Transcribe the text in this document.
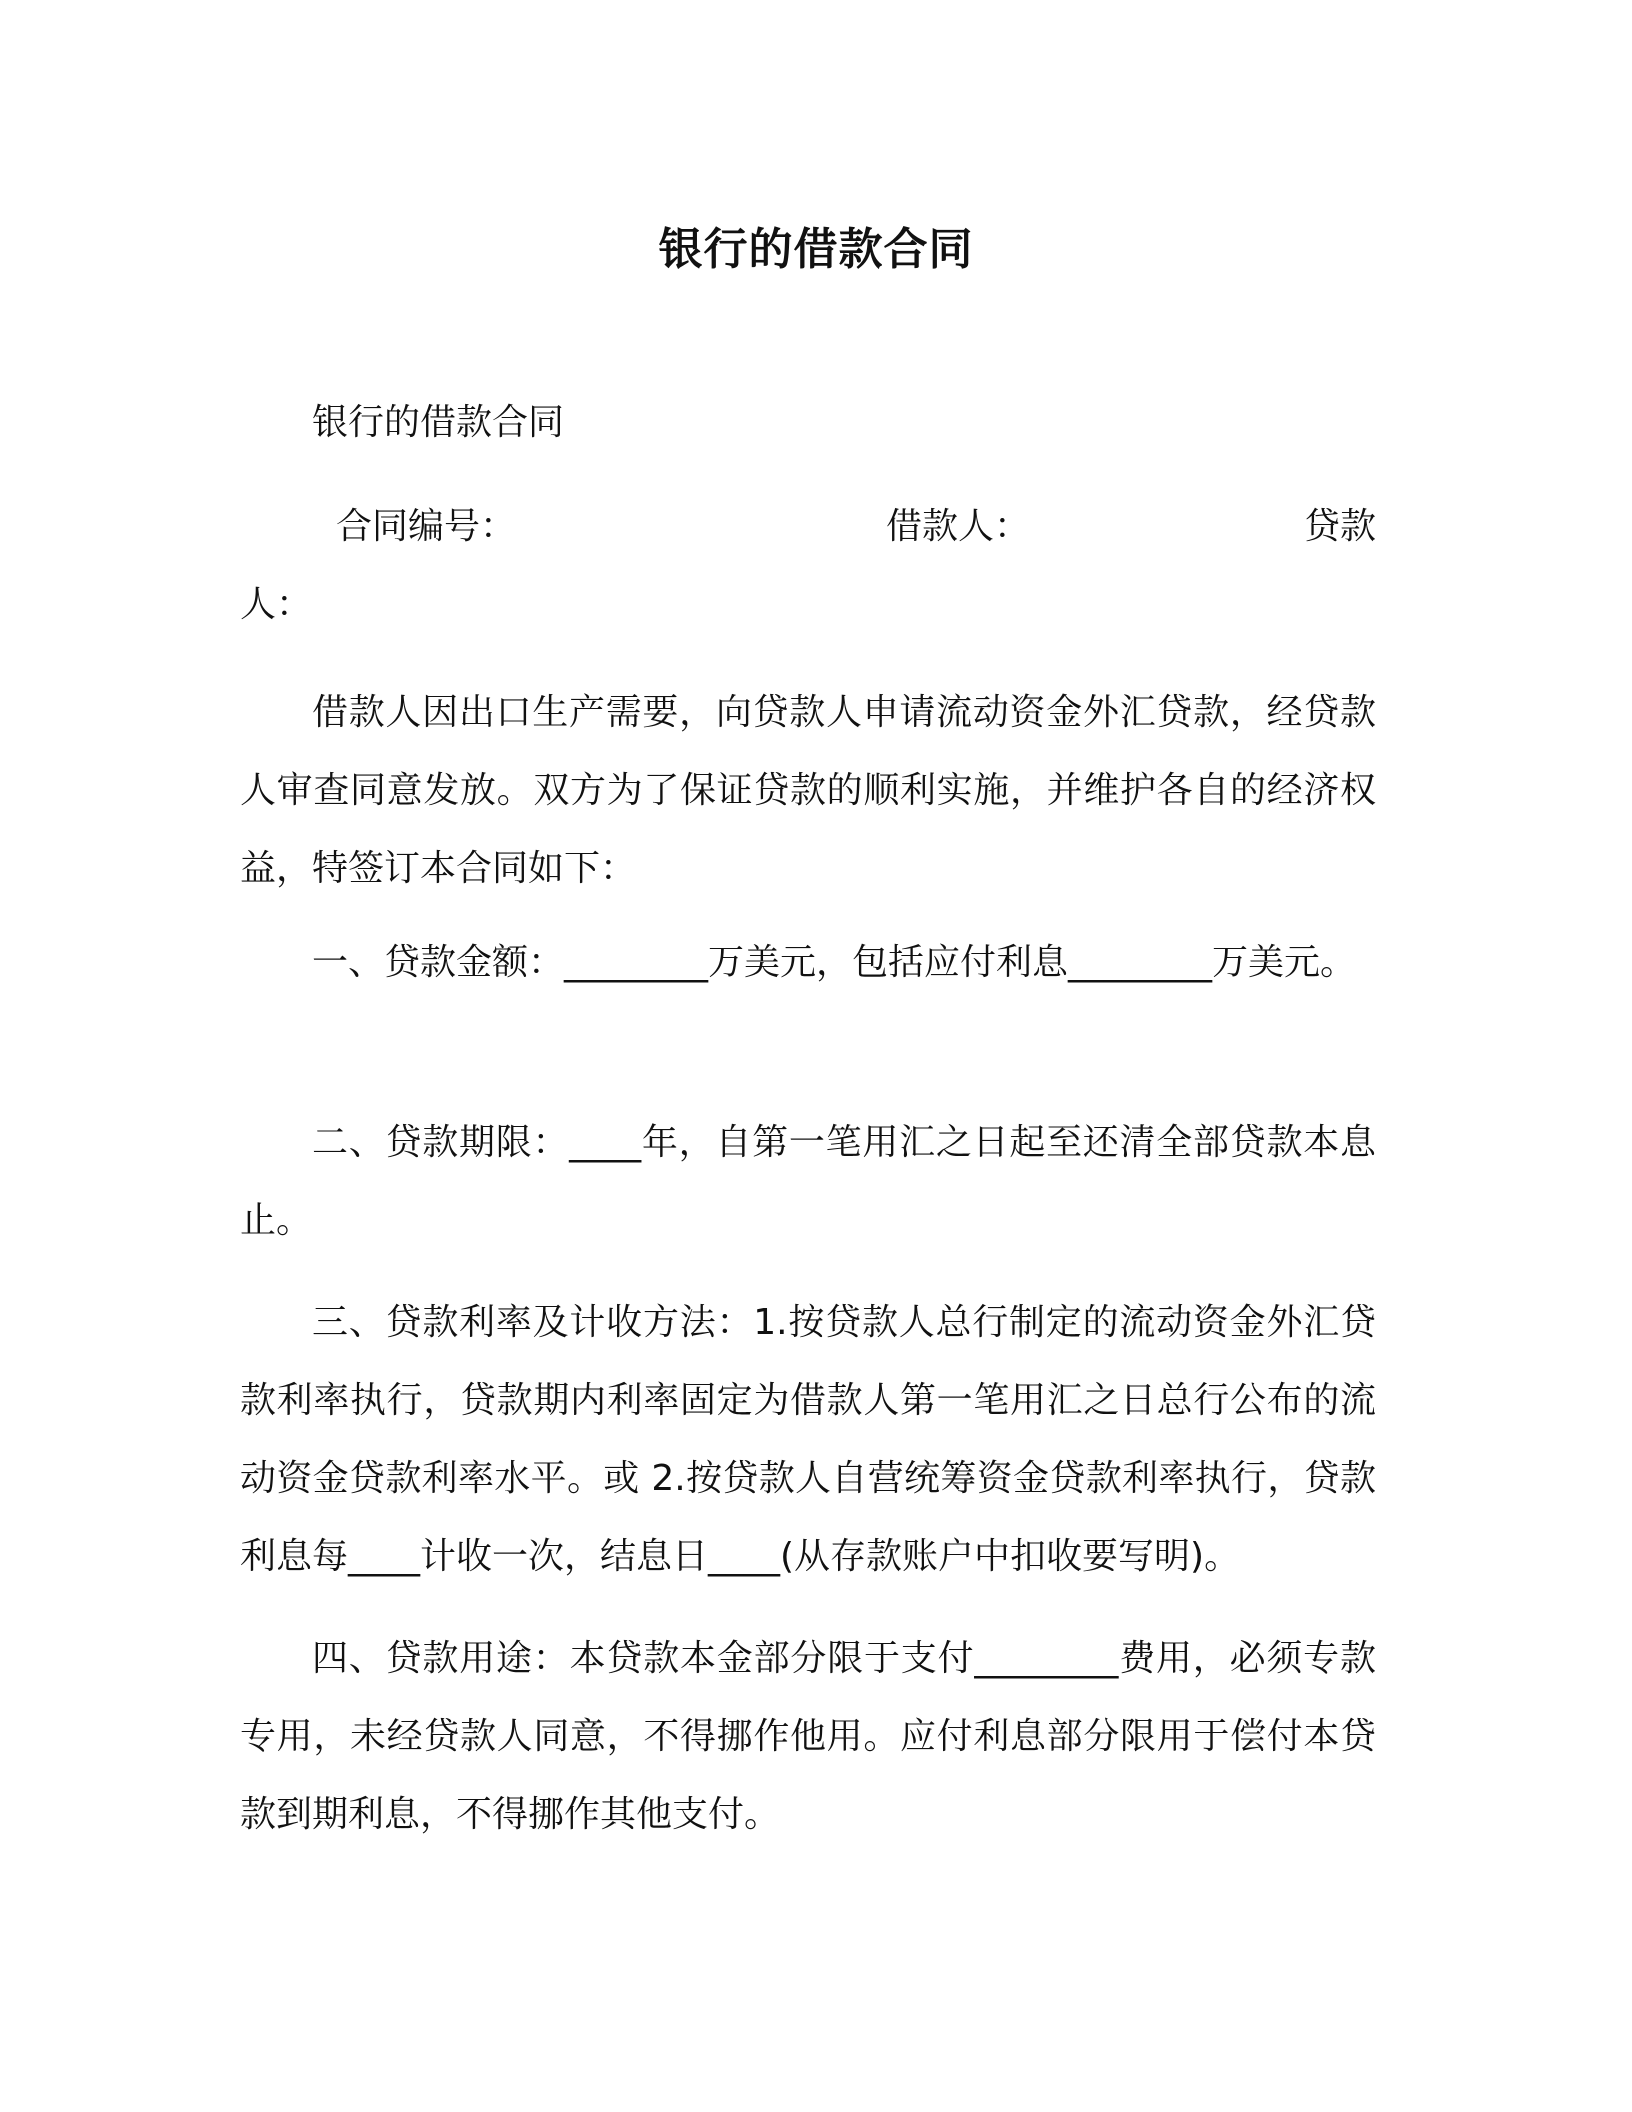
银行的借款合同

银行的借款合同

合同编号：	借款人：	贷款
人：

借款人因出口生产需要，向贷款人申请流动资金外汇贷款，经贷款人审查同意发放。双方为了保证贷款的顺利实施，并维护各自的经济权益，特签订本合同如下：

一、贷款金额：________万美元，包括应付利息________万美元。

二、贷款期限：____年，自第一笔用汇之日起至还清全部贷款本息止。

三、贷款利率及计收方法：1.按贷款人总行制定的流动资金外汇贷款利率执行，贷款期内利率固定为借款人第一笔用汇之日总行公布的流动资金贷款利率水平。或 2.按贷款人自营统筹资金贷款利率执行，贷款利息每____计收一次，结息日____(从存款账户中扣收要写明)。

四、贷款用途：本贷款本金部分限于支付________费用，必须专款专用，未经贷款人同意，不得挪作他用。应付利息部分限用于偿付本贷款到期利息，不得挪作其他支付。
